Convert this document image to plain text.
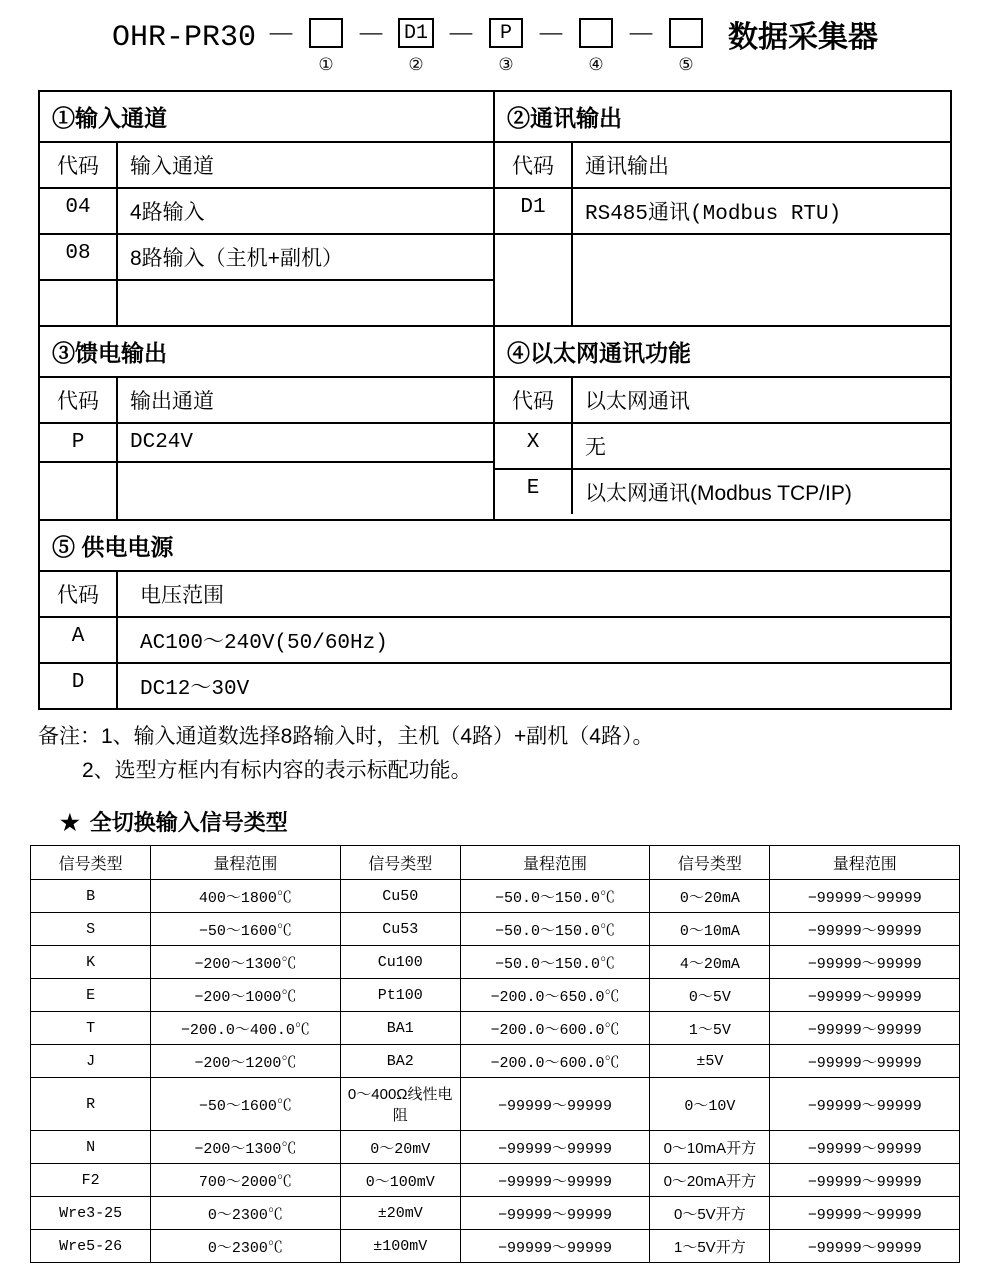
OHR-PR30 －
①
－ D1
②
－	P
③
－
④
－
⑤
数据采集器
①输入通道
代码	输入通道
04	4路输入
08	8路输入（主机+副机）
②通讯输出
代码	通讯输出
D1	RS485通讯(Modbus RTU)
③馈电输出
代码	输出通道
P	DC24V
④以太网通讯功能
代码	以太网通讯
X	无
E	以太网通讯(Modbus TCP/IP)
⑤ 供电电源
代码	电压范围
A	AC100～240V(50/60Hz)
D	DC12～30V
备注：1、输入通道数选择8路输入时，主机（4路）+副机（4路）。
2、选型方框内有标内容的表示标配功能。
★ 全切换输入信号类型
信号类型	量程范围	信号类型	量程范围	信号类型	量程范围
B	400～1800℃	Cu50	−50.0～150.0℃	0～20mA	−99999～99999
S	−50～1600℃	Cu53	−50.0～150.0℃	0～10mA	−99999～99999
K	−200～1300℃	Cu100	−50.0～150.0℃	4～20mA	−99999～99999
E	−200～1000℃	Pt100	−200.0～650.0℃	0～5V	−99999～99999
T	−200.0～400.0℃	BA1	−200.0～600.0℃	1～5V	−99999～99999
J	−200～1200℃	BA2	−200.0～600.0℃	±5V	−99999～99999
R	−50～1600℃	0～400Ω线性电阻	−99999～99999	0～10V	−99999～99999
N	−200～1300℃	0～20mV	−99999～99999	0～10mA开方	−99999～99999
F2	700～2000℃	0～100mV	−99999～99999	0～20mA开方	−99999～99999
Wre3-25	0～2300℃	±20mV	−99999～99999	0～5V开方	−99999～99999
Wre5-26	0～2300℃	±100mV	−99999～99999	1～5V开方	−99999～99999
